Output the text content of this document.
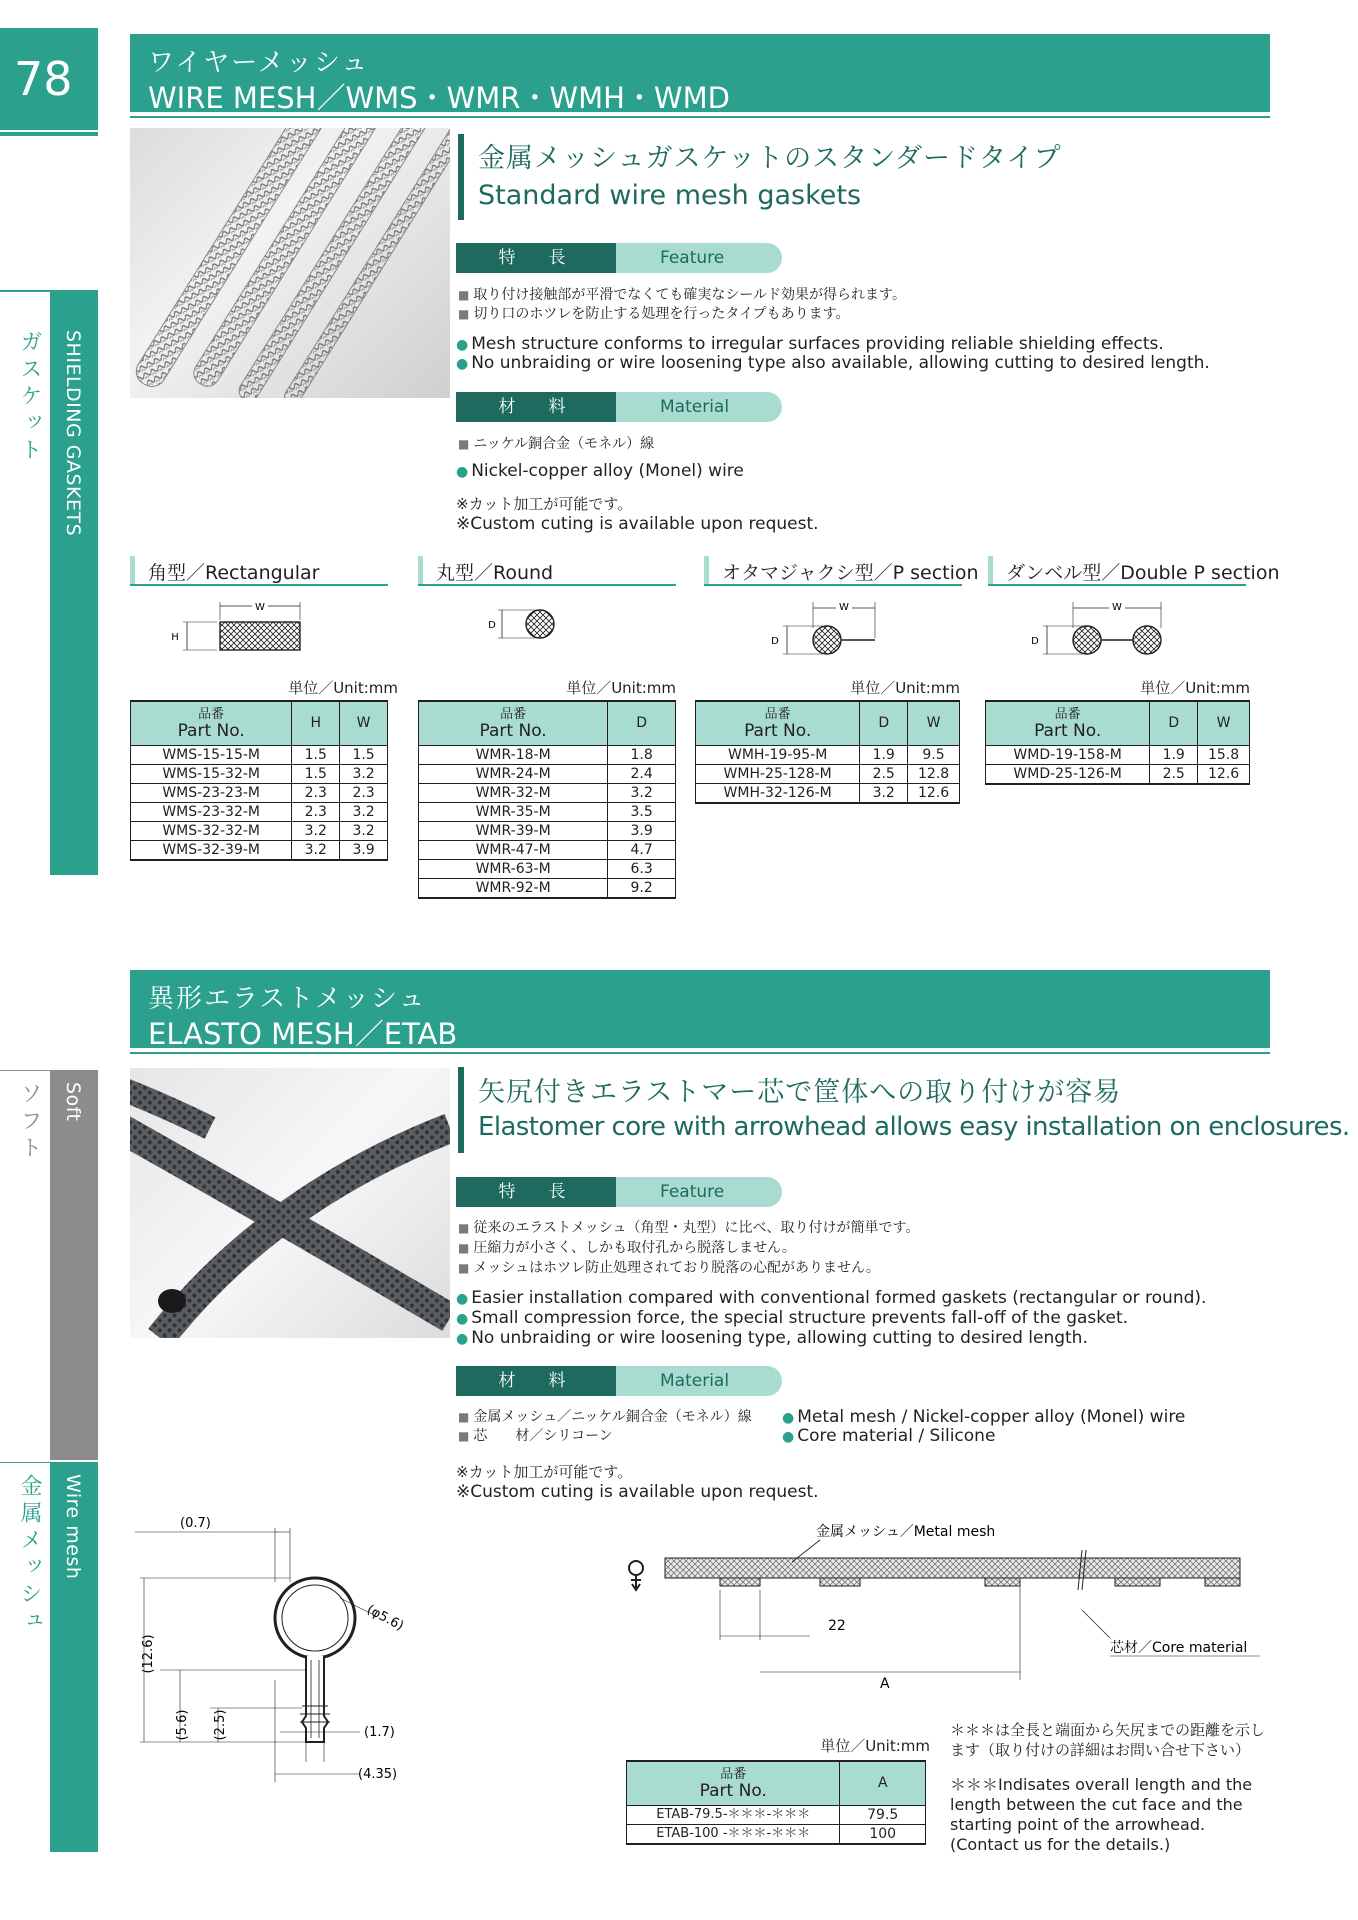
78
SHIELDING GASKETS
ガスケット
Soft
ソフト
Wire mesh
金属メッシュ
ワイヤーメッシュ
WIRE MESH／WMS・WMR・WMH・WMD
金属メッシュガスケットのスタンダードタイプ
Standard wire mesh gaskets
特　長	Feature
■ 取り付け接触部が平滑でなくても確実なシールド効果が得られます。
■ 切り口のホツレを防止する処理を行ったタイプもあります。
● Mesh structure conforms to irregular surfaces providing reliable shielding effects.
● No unbraiding or wire loosening type also available, allowing cutting to desired length.
材　料	Material
■ ニッケル銅合金（モネル）線
● Nickel-copper alloy (Monel) wire
※カット加工が可能です。
※Custom cuting is available upon request.
角型／Rectangular	丸型／Round	オタマジャクシ型／P section ダンベル型／Double P section
W
H
D
W
D
W
D
単位／Unit:mm	単位／Unit:mm	単位／Unit:mm	単位／Unit:mm
品番
Part No.	H	W
WMS-15-15-M	1.5	1.5
WMS-15-32-M	1.5	3.2
WMS-23-23-M	2.3	2.3
WMS-23-32-M	2.3	3.2
WMS-32-32-M	3.2	3.2
WMS-32-39-M	3.2	3.9
品番
Part No.	D
WMR-18-M	1.8
WMR-24-M	2.4
WMR-32-M	3.2
WMR-35-M	3.5
WMR-39-M	3.9
WMR-47-M	4.7
WMR-63-M	6.3
WMR-92-M	9.2
品番
Part No.	D	W
WMH-19-95-M	1.9	9.5
WMH-25-128-M	2.5	12.8
WMH-32-126-M	3.2	12.6
品番
Part No.	D	W
WMD-19-158-M	1.9	15.8
WMD-25-126-M	2.5	12.6
異形エラストメッシュ
ELASTO MESH／ETAB
矢尻付きエラストマー芯で筐体への取り付けが容易
Elastomer core with arrowhead allows easy installation on enclosures.
特　長	Feature
■ 従来のエラストメッシュ（角型・丸型）に比べ、取り付けが簡単です。
■ 圧縮力が小さく、しかも取付孔から脱落しません。
■ メッシュはホツレ防止処理されており脱落の心配がありません。
● Easier installation compared with conventional formed gaskets (rectangular or round).
● Small compression force, the special structure prevents fall-off of the gasket.
● No unbraiding or wire loosening type, allowing cutting to desired length.
材　料	Material
■ 金属メッシュ／ニッケル銅合金（モネル）線
■ 芯　　材／シリコーン
● Metal mesh / Nickel-copper alloy (Monel) wire
● Core material / Silicone
※カット加工が可能です。
※Custom cuting is available upon request.
(0.7)
(12.6)
(φ5.6)
(5.6) (2.5)	(1.7)
(4.35)
金属メッシュ／Metal mesh
22
芯材／Core material
A
単位／Unit:mm
品番
Part No.	A
ETAB-79.5-＊＊＊-＊＊＊	79.5
ETAB-100 -＊＊＊-＊＊＊	100
＊＊＊は全長と端面から矢尻までの距離を示します（取り付けの詳細はお問い合せ下さい）
＊＊＊Indisates overall length and the length between the cut face and the starting point of the arrowhead.(Contact us for the details.)
